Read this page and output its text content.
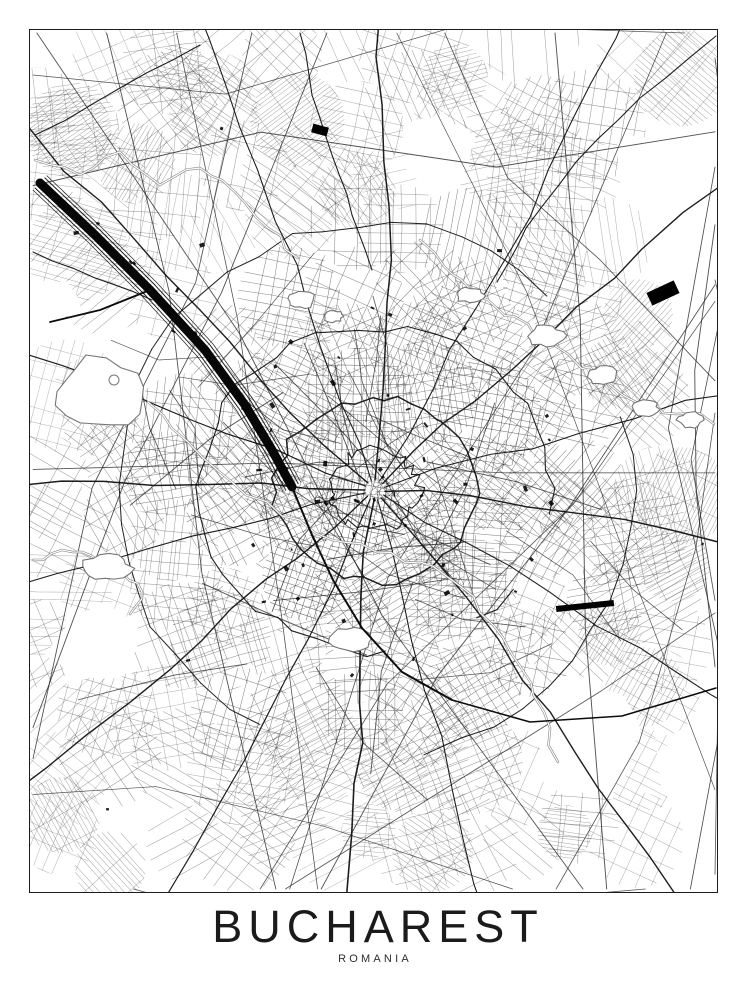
BUCHAREST
ROMANIA
